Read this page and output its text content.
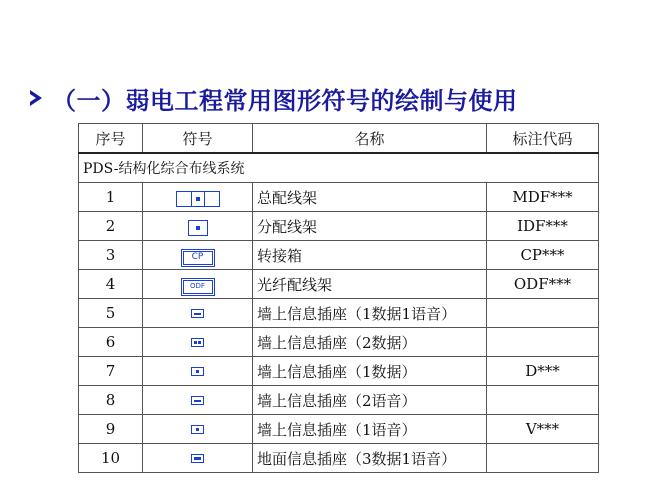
（一）弱电工程常用图形符号的绘制与使用
序号	符号	名称	标注代码
PDS-结构化综合布线系统			
1		总配线架	MDF***
2		分配线架	IDF***
3	CP	转接箱	CP***
4	ODF	光纤配线架	ODF***
5		墙上信息插座（1数据1语音）	
6		墙上信息插座（2数据）	
7		墙上信息插座（1数据）	D***
8		墙上信息插座（2语音）	
9		墙上信息插座（1语音）	V***
10		地面信息插座（3数据1语音）	
